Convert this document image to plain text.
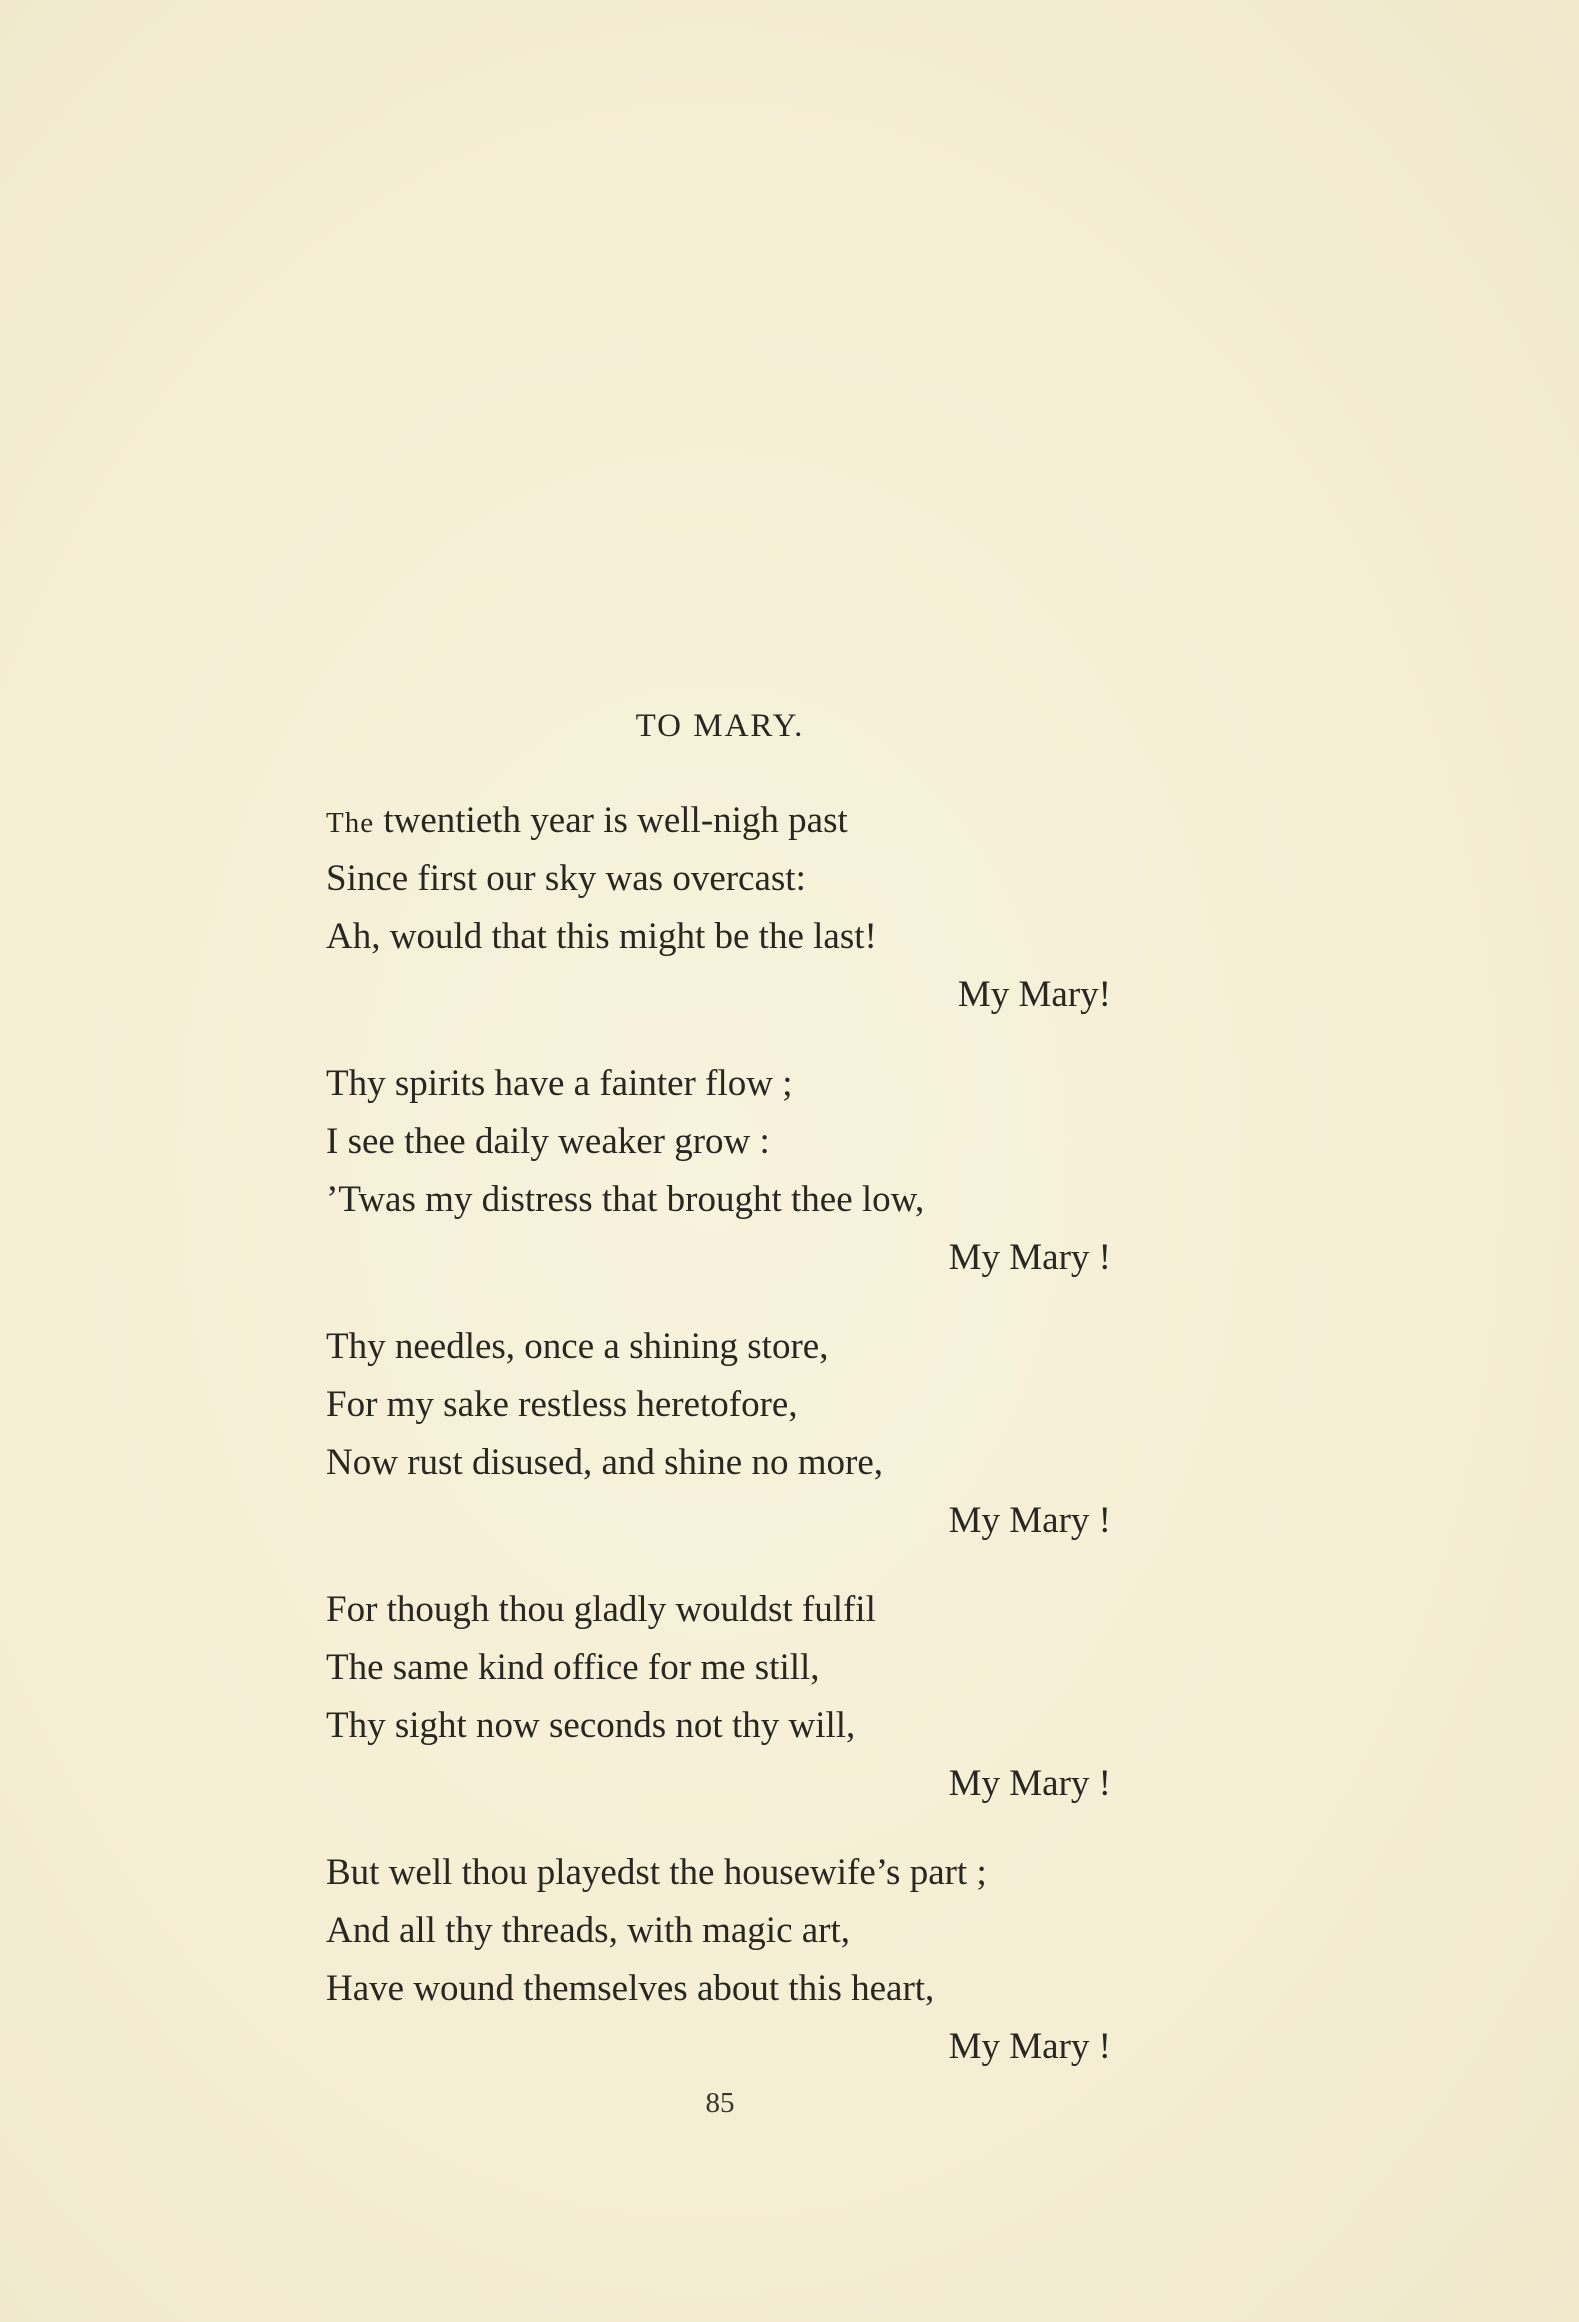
TO MARY.
The twentieth year is well-nigh past
Since first our sky was overcast:
Ah, would that this might be the last!
My Mary!
Thy spirits have a fainter flow ;
I see thee daily weaker grow :
’Twas my distress that brought thee low,
My Mary !
Thy needles, once a shining store,
For my sake restless heretofore,
Now rust disused, and shine no more,
My Mary !
For though thou gladly wouldst fulfil
The same kind office for me still,
Thy sight now seconds not thy will,
My Mary !
But well thou playedst the housewife’s part ;
And all thy threads, with magic art,
Have wound themselves about this heart,
My Mary !
85
